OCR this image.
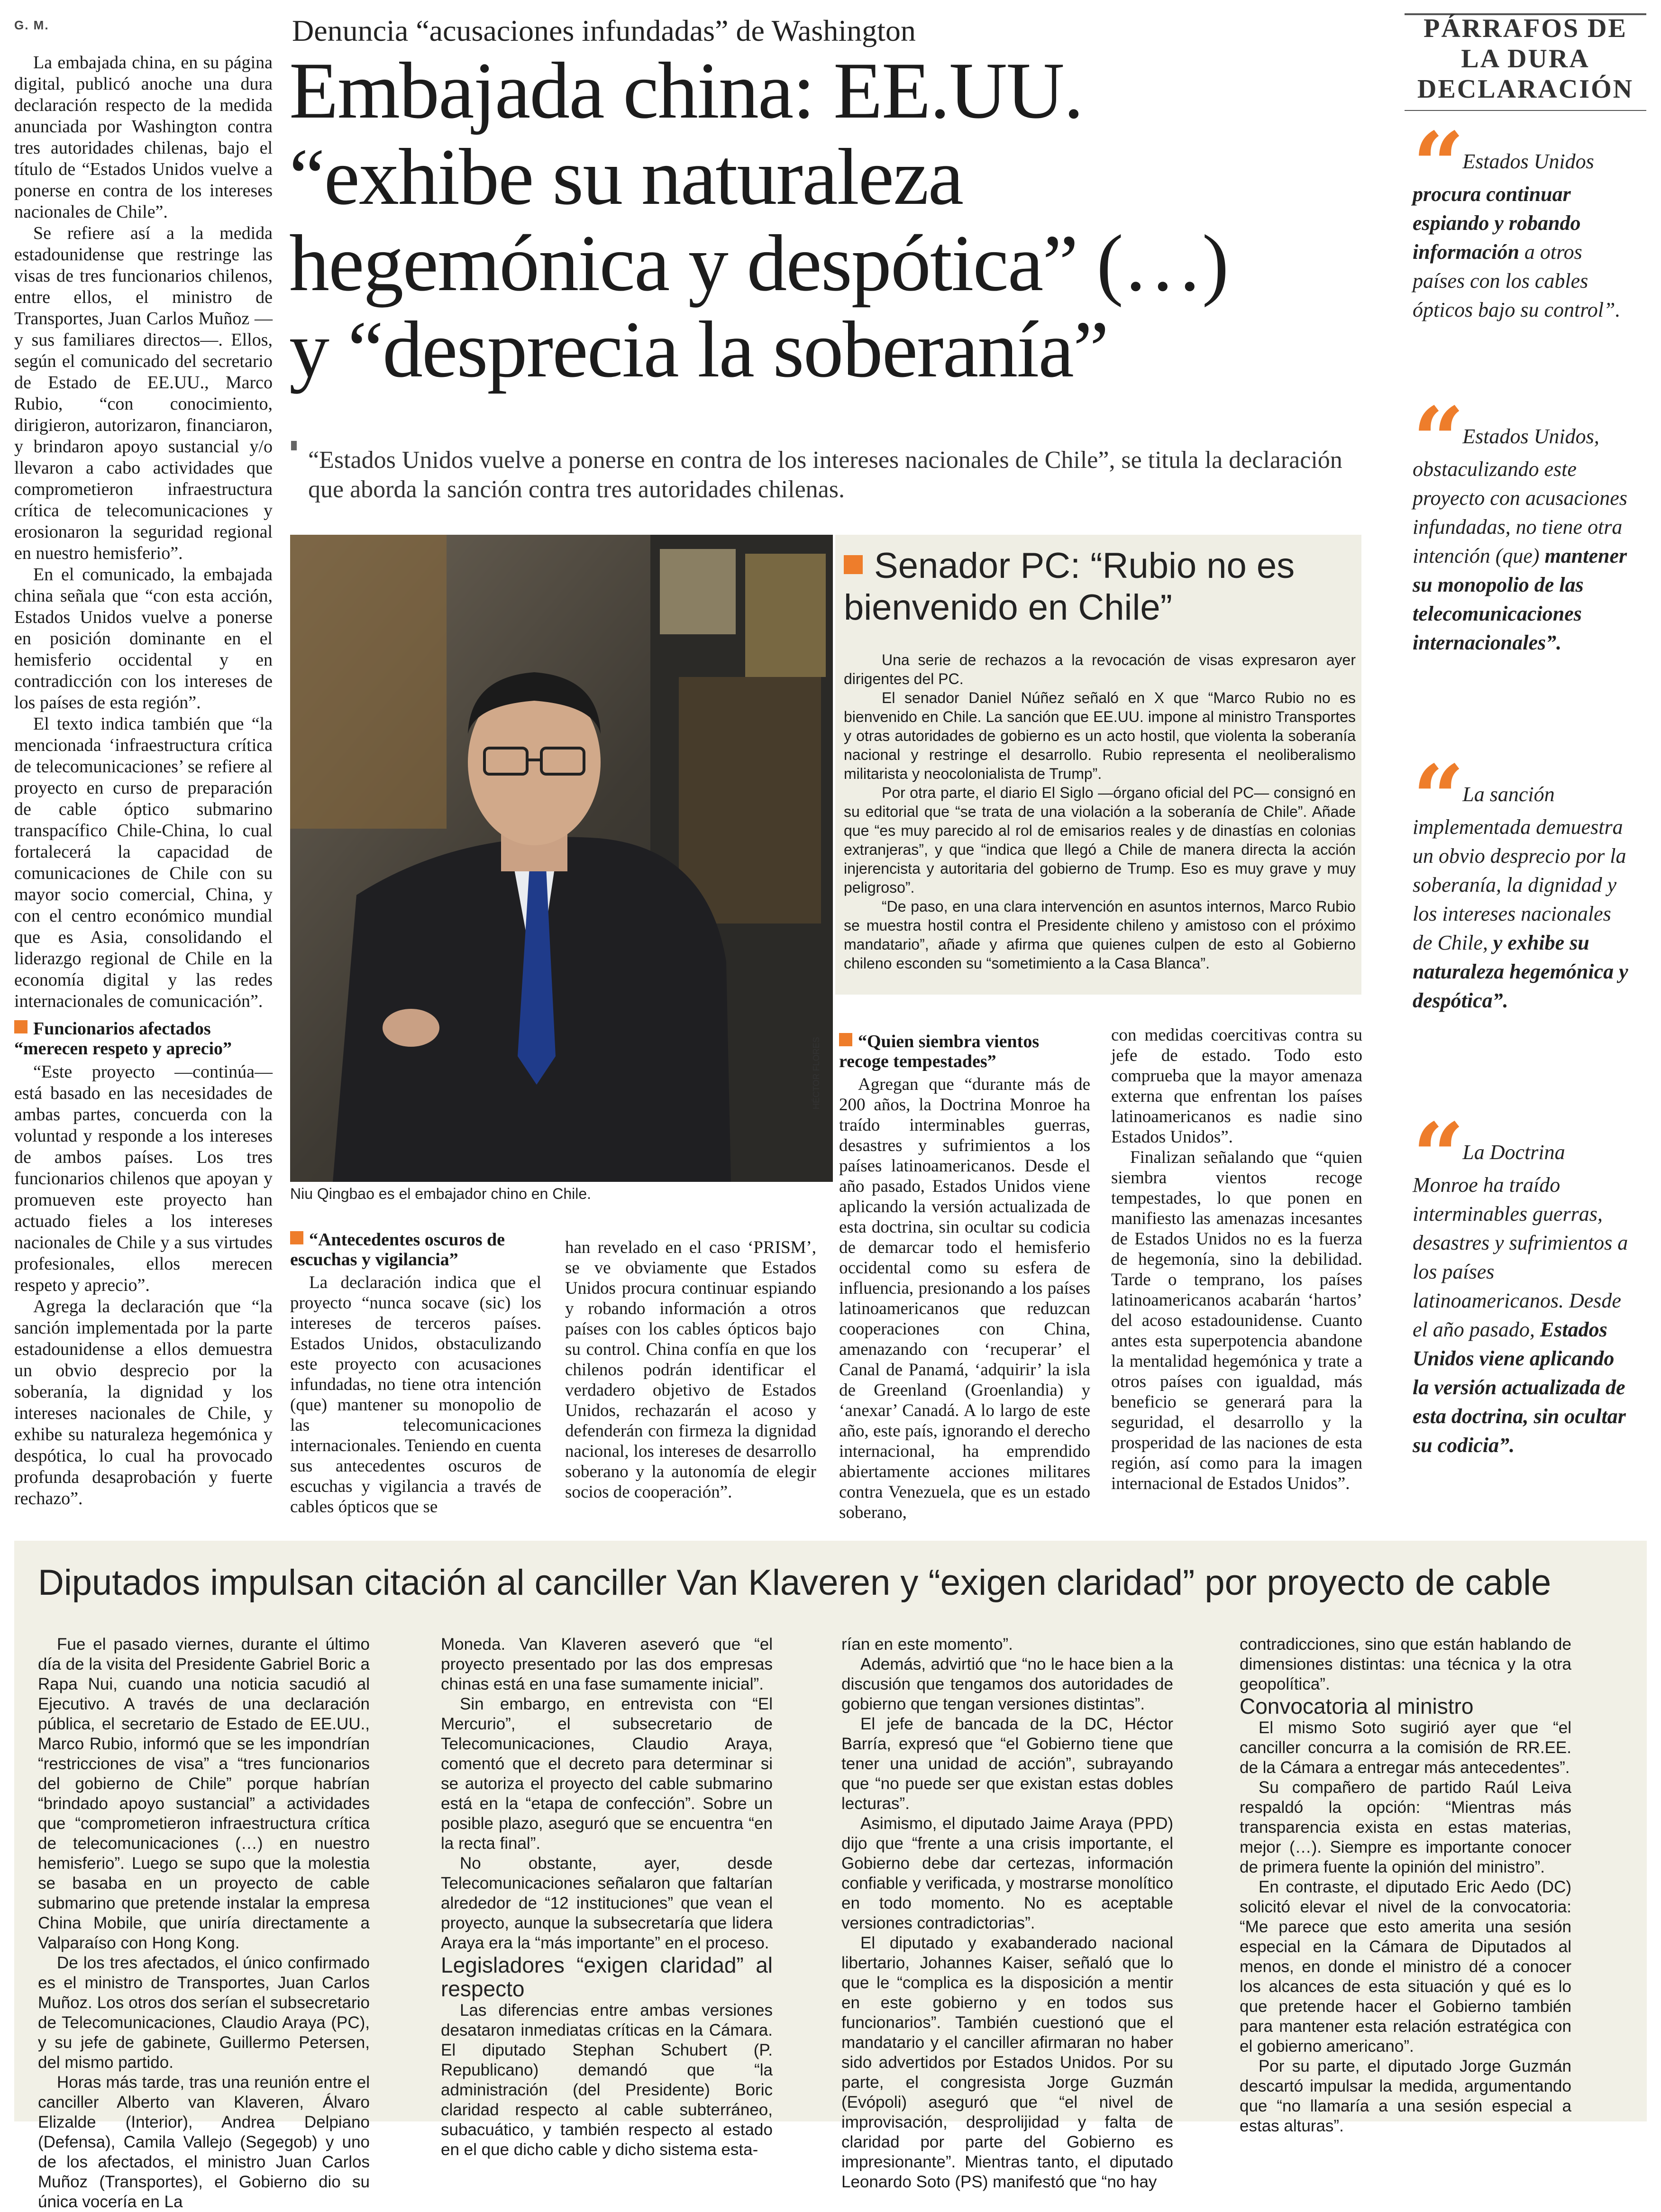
G. M.

La embajada china, en su página digital, publicó anoche una dura declaración respecto de la medida anunciada por Washington contra tres autoridades chilenas, bajo el título de “Estados Unidos vuelve a ponerse en contra de los intereses nacionales de Chile”.

Se refiere así a la medida estadounidense que restringe las visas de tres funcionarios chilenos, entre ellos, el ministro de Transportes, Juan Carlos Muñoz —y sus familiares directos—. Ellos, según el comunicado del secretario de Estado de EE.UU., Marco Rubio, “con conocimiento, dirigieron, autorizaron, financiaron, y brindaron apoyo sustancial y/o llevaron a cabo actividades que comprometieron infraestructura crítica de telecomunicaciones y erosionaron la seguridad regional en nuestro hemisferio”.

En el comunicado, la embajada china señala que “con esta acción, Estados Unidos vuelve a ponerse en posición dominante en el hemisferio occidental y en contradicción con los intereses de los países de esta región”.

El texto indica también que “la mencionada ‘infraestructura crítica de telecomunicaciones’ se refiere al proyecto en curso de preparación de cable óptico submarino transpacífico Chile-China, lo cual fortalecerá la capacidad de comunicaciones de Chile con su mayor socio comercial, China, y con el centro económico mundial que es Asia, consolidando el liderazgo regional de Chile en la economía digital y las redes internacionales de comunicación”.

Funcionarios afectados “merecen respeto y aprecio”

“Este proyecto —continúa— está basado en las necesidades de ambas partes, concuerda con la voluntad y responde a los intereses de ambos países. Los tres funcionarios chilenos que apoyan y promueven este proyecto han actuado fieles a los intereses nacionales de Chile y a sus virtudes profesionales, ellos merecen respeto y aprecio”.

Agrega la declaración que “la sanción implementada por la parte estadounidense a ellos demuestra un obvio desprecio por la soberanía, la dignidad y los intereses nacionales de Chile, y exhibe su naturaleza hegemónica y despótica, lo cual ha provocado profunda desaprobación y fuerte rechazo”.

Denuncia “acusaciones infundadas” de Washington
Embajada china: EE.UU.
“exhibe su naturaleza
hegemónica y despótica” (…)
y “desprecia la soberanía”
“Estados Unidos vuelve a ponerse en contra de los intereses nacionales de Chile”, se titula la declaración que aborda la sanción contra tres autoridades chilenas.
HÉCTOR FLORES
Niu Qingbao es el embajador chino en Chile.
Senador PC: “Rubio no es bienvenido en Chile”

Una serie de rechazos a la revocación de visas expresaron ayer dirigentes del PC.

El senador Daniel Núñez señaló en X que “Marco Rubio no es bienvenido en Chile. La sanción que EE.UU. impone al ministro Transportes y otras autoridades de gobierno es un acto hostil, que violenta la soberanía nacional y restringe el desarrollo. Rubio representa el neoliberalismo militarista y neocolonialista de Trump”.

Por otra parte, el diario El Siglo —órgano oficial del PC— consignó en su editorial que “se trata de una violación a la soberanía de Chile”. Añade que “es muy parecido al rol de emisarios reales y de dinastías en colonias extranjeras”, y que “indica que llegó a Chile de manera directa la acción injerencista y autoritaria del gobierno de Trump. Eso es muy grave y muy peligroso”.

“De paso, en una clara intervención en asuntos internos, Marco Rubio se muestra hostil contra el Presidente chileno y amistoso con el próximo mandatario”, añade y afirma que quienes culpen de esto al Gobierno chileno esconden su “sometimiento a la Casa Blanca”.

“Antecedentes oscuros de escuchas y vigilancia”

La declaración indica que el proyecto “nunca socave (sic) los intereses de terceros países. Estados Unidos, obstaculizando este proyecto con acusaciones infundadas, no tiene otra intención (que) mantener su monopolio de las telecomunicaciones internacionales. Teniendo en cuenta sus antecedentes oscuros de escuchas y vigilancia a través de cables ópticos que se

han revelado en el caso ‘PRISM’, se ve obviamente que Estados Unidos procura continuar espiando y robando información a otros países con los cables ópticos bajo su control. China confía en que los chilenos podrán identificar el verdadero objetivo de Estados Unidos, rechazarán el acoso y defenderán con firmeza la dignidad nacional, los intereses de desarrollo soberano y la autonomía de elegir socios de cooperación”.

“Quien siembra vientos recoge tempestades”

Agregan que “durante más de 200 años, la Doctrina Monroe ha traído interminables guerras, desastres y sufrimientos a los países latinoamericanos. Desde el año pasado, Estados Unidos viene aplicando la versión actualizada de esta doctrina, sin ocultar su codicia de demarcar todo el hemisferio occidental como su esfera de influencia, presionando a los países latinoamericanos que reduzcan cooperaciones con China, amenazando con ‘recuperar’ el Canal de Panamá, ‘adquirir’ la isla de Greenland (Groenlandia) y ‘anexar’ Canadá. A lo largo de este año, este país, ignorando el derecho internacional, ha emprendido abiertamente acciones militares contra Venezuela, que es un estado soberano,

con medidas coercitivas contra su jefe de estado. Todo esto comprueba que la mayor amenaza externa que enfrentan los países latinoamericanos es nadie sino Estados Unidos”.

Finalizan señalando que “quien siembra vientos recoge tempestades, lo que ponen en manifiesto las amenazas incesantes de Estados Unidos no es la fuerza de hegemonía, sino la debilidad. Tarde o temprano, los países latinoamericanos acabarán ‘hartos’ del acoso estadounidense. Cuanto antes esta superpotencia abandone la mentalidad hegemónica y trate a otros países con igualdad, más beneficio se generará para la seguridad, el desarrollo y la prosperidad de las naciones de esta región, así como para la imagen internacional de Estados Unidos”.

PÁRRAFOS DE
LA DURA
DECLARACIÓN
“ Estados Unidos procura continuar espiando y robando información a otros países con los cables ópticos bajo su control”.
“ Estados Unidos, obstaculizando este proyecto con acusaciones infundadas, no tiene otra intención (que) mantener su monopolio de las telecomunicaciones internacionales”.
“ La sanción implementada demuestra un obvio desprecio por la soberanía, la dignidad y los intereses nacionales de Chile, y exhibe su naturaleza hegemónica y despótica”.
“ La Doctrina Monroe ha traído interminables guerras, desastres y sufrimientos a los países latinoamericanos. Desde el año pasado, Estados Unidos viene aplicando la versión actualizada de esta doctrina, sin ocultar su codicia”.
Diputados impulsan citación al canciller Van Klaveren y “exigen claridad” por proyecto de cable

Fue el pasado viernes, durante el último día de la visita del Presidente Gabriel Boric a Rapa Nui, cuando una noticia sacudió al Ejecutivo. A través de una declaración pública, el secretario de Estado de EE.UU., Marco Rubio, informó que se les impondrían “restricciones de visa” a “tres funcionarios del gobierno de Chile” porque habrían “brindado apoyo sustancial” a actividades que “comprometieron infraestructura crítica de telecomunicaciones (…) en nuestro hemisferio”. Luego se supo que la molestia se basaba en un proyecto de cable submarino que pretende instalar la empresa China Mobile, que uniría directamente a Valparaíso con Hong Kong.

De los tres afectados, el único confirmado es el ministro de Transportes, Juan Carlos Muñoz. Los otros dos serían el subsecretario de Telecomunicaciones, Claudio Araya (PC), y su jefe de gabinete, Guillermo Petersen, del mismo partido.

Horas más tarde, tras una reunión entre el canciller Alberto van Klaveren, Álvaro Elizalde (Interior), Andrea Delpiano (Defensa), Camila Vallejo (Segegob) y uno de los afectados, el ministro Juan Carlos Muñoz (Transportes), el Gobierno dio su única vocería en La

Moneda. Van Klaveren aseveró que “el proyecto presentado por las dos empresas chinas está en una fase sumamente inicial”.

Sin embargo, en entrevista con “El Mercurio”, el subsecretario de Telecomunicaciones, Claudio Araya, comentó que el decreto para determinar si se autoriza el proyecto del cable submarino está en la “etapa de confección”. Sobre un posible plazo, aseguró que se encuentra “en la recta final”.

No obstante, ayer, desde Telecomunicaciones señalaron que faltarían alrededor de “12 instituciones” que vean el proyecto, aunque la subsecretaría que lidera Araya era la “más importante” en el proceso.

Legisladores “exigen claridad” al respecto

Las diferencias entre ambas versiones desataron inmediatas críticas en la Cámara. El diputado Stephan Schubert (P. Republicano) demandó que “la administración (del Presidente) Boric claridad respecto al cable subterráneo, subacuático, y también respecto al estado en el que dicho cable y dicho sistema esta-

rían en este momento”.

Además, advirtió que “no le hace bien a la discusión que tengamos dos autoridades de gobierno que tengan versiones distintas”.

El jefe de bancada de la DC, Héctor Barría, expresó que “el Gobierno tiene que tener una unidad de acción”, subrayando que “no puede ser que existan estas dobles lecturas”.

Asimismo, el diputado Jaime Araya (PPD) dijo que “frente a una crisis importante, el Gobierno debe dar certezas, información confiable y verificada, y mostrarse monolítico en todo momento. No es aceptable versiones contradictorias”.

El diputado y exabanderado nacional libertario, Johannes Kaiser, señaló que lo que le “complica es la disposición a mentir en este gobierno y en todos sus funcionarios”. También cuestionó que el mandatario y el canciller afirmaran no haber sido advertidos por Estados Unidos. Por su parte, el congresista Jorge Guzmán (Evópoli) aseguró que “el nivel de improvisación, desprolijidad y falta de claridad por parte del Gobierno es impresionante”. Mientras tanto, el diputado Leonardo Soto (PS) manifestó que “no hay

contradicciones, sino que están hablando de dimensiones distintas: una técnica y la otra geopolítica”.

Convocatoria al ministro

El mismo Soto sugirió ayer que “el canciller concurra a la comisión de RR.EE. de la Cámara a entregar más antecedentes”.

Su compañero de partido Raúl Leiva respaldó la opción: “Mientras más transparencia exista en estas materias, mejor (…). Siempre es importante conocer de primera fuente la opinión del ministro”.

En contraste, el diputado Eric Aedo (DC) solicitó elevar el nivel de la convocatoria: “Me parece que esto amerita una sesión especial en la Cámara de Diputados al menos, en donde el ministro dé a conocer los alcances de esta situación y qué es lo que pretende hacer el Gobierno también para mantener esta relación estratégica con el gobierno americano”.

Por su parte, el diputado Jorge Guzmán descartó impulsar la medida, argumentando que “no llamaría a una sesión especial a estas alturas”.
